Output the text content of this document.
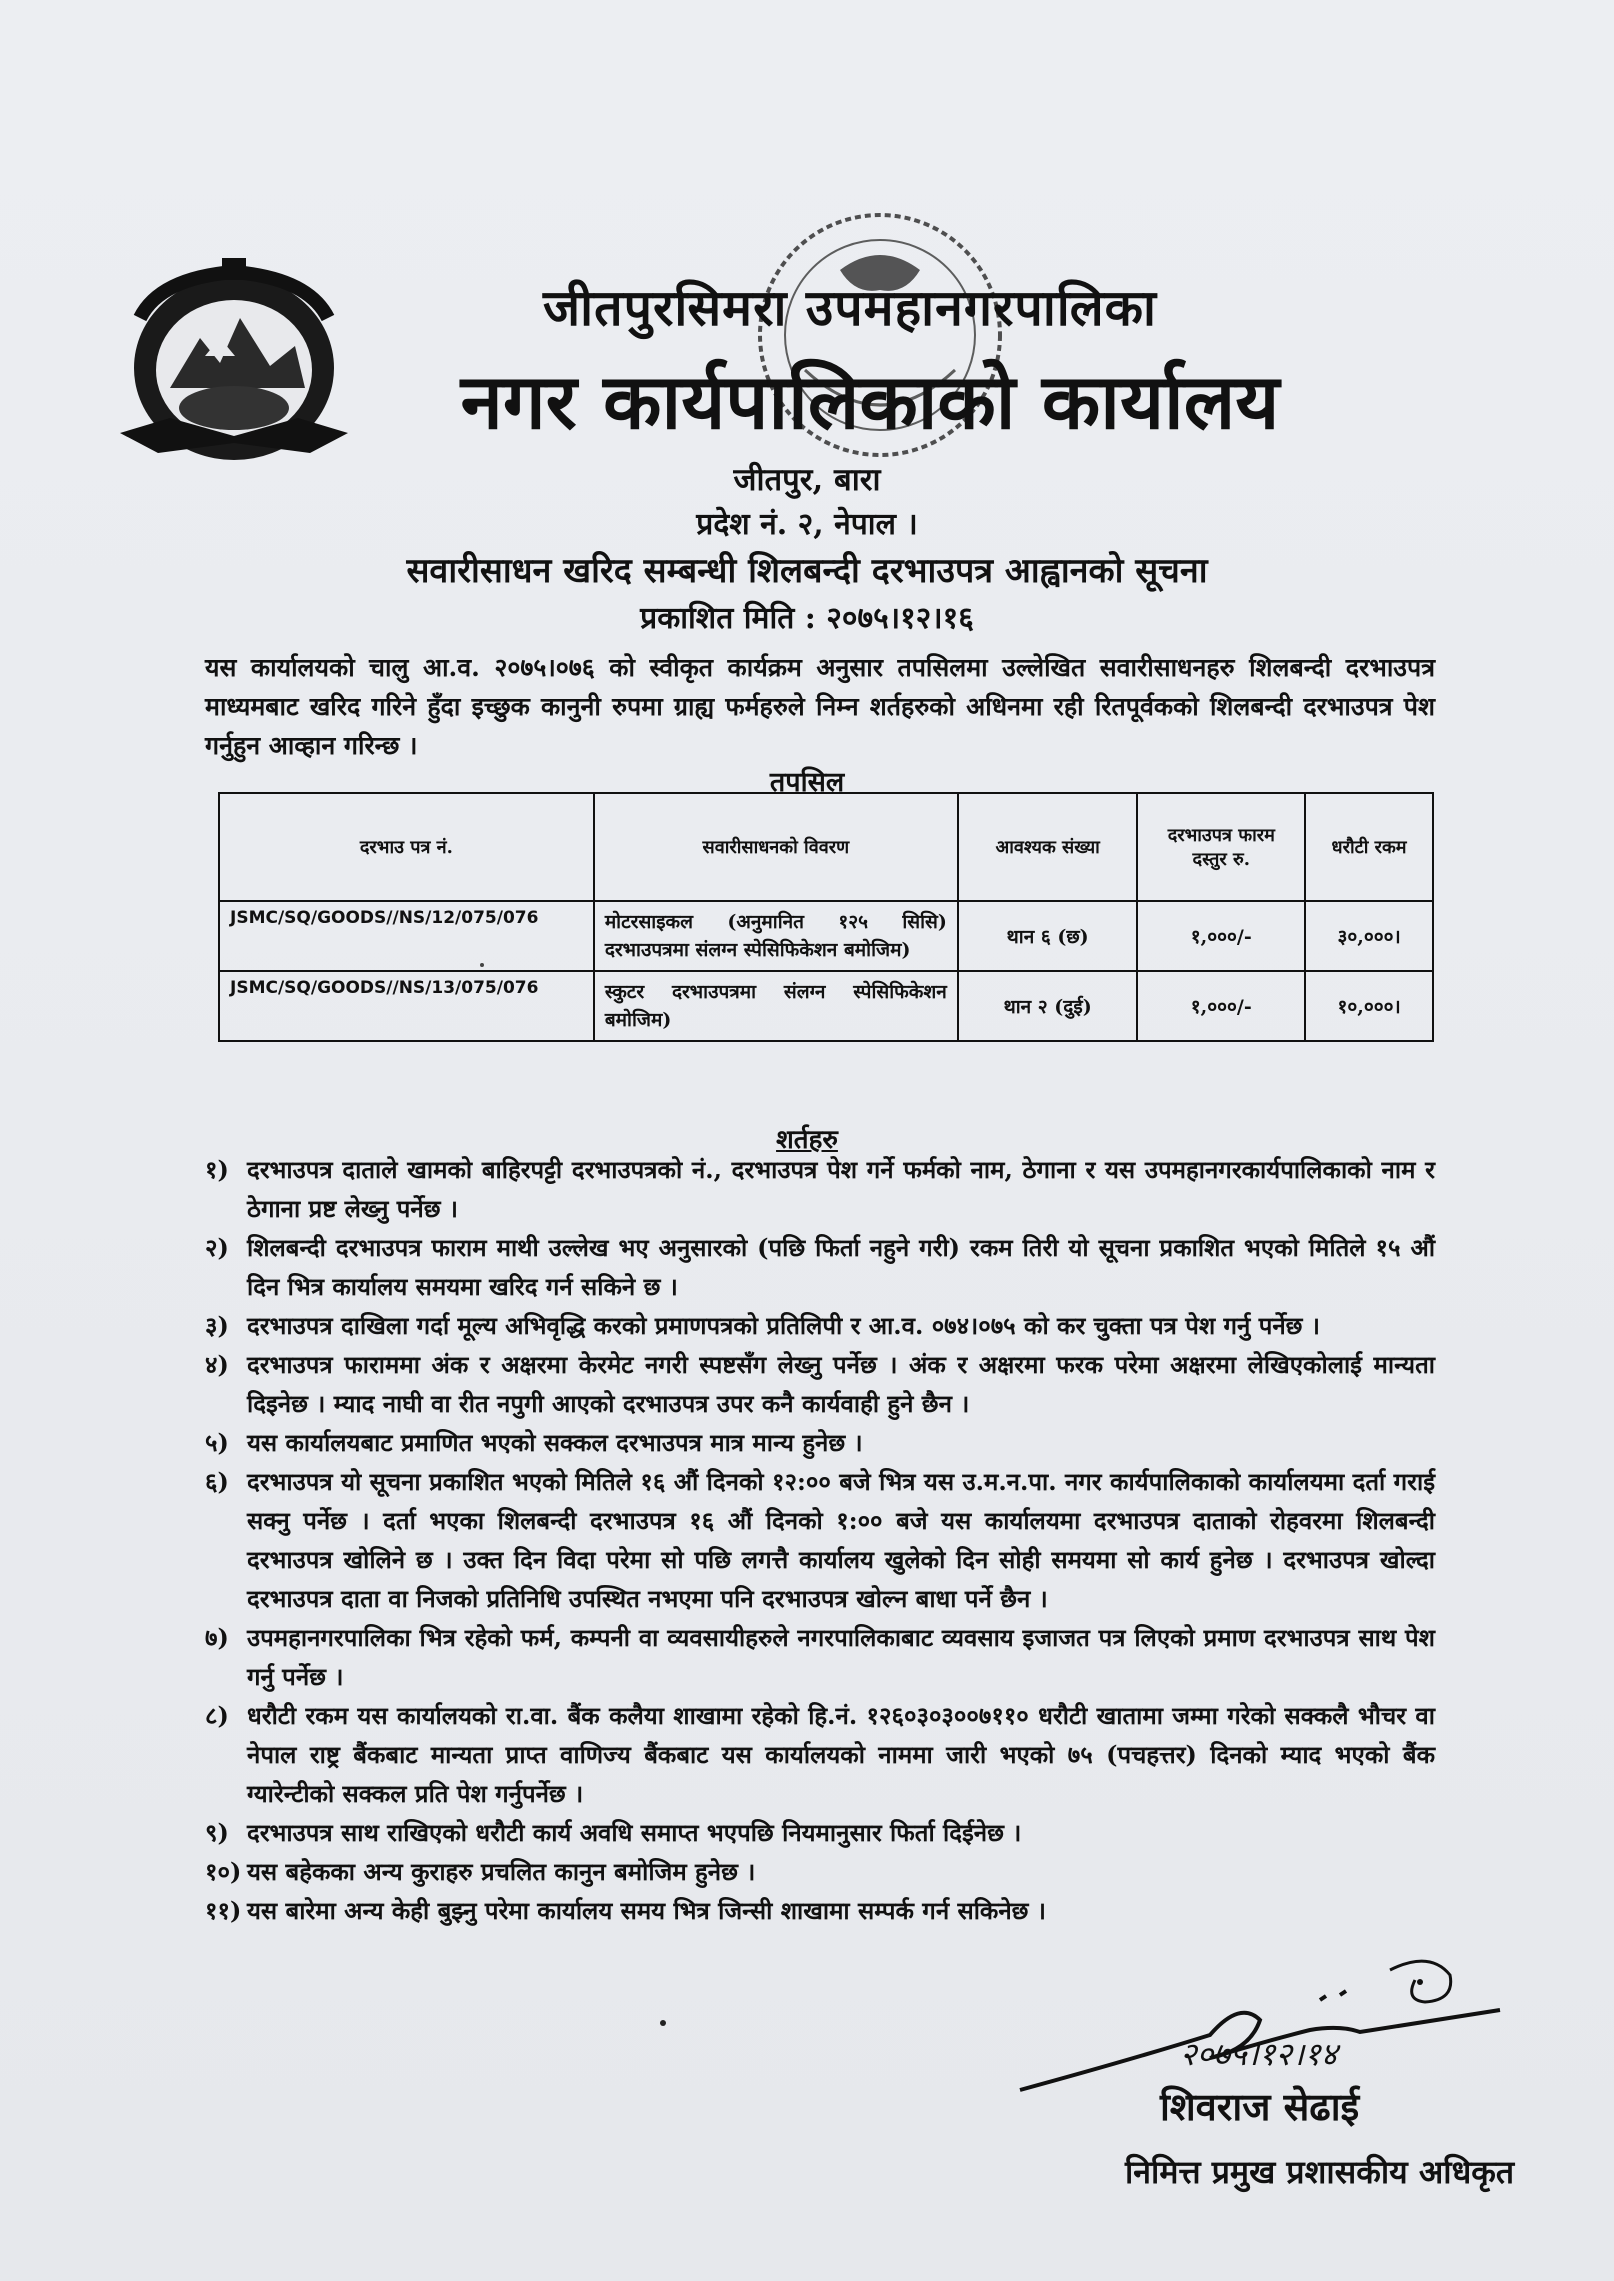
जीतपुरसिमरा उपमहानगरपालिका
नगर कार्यपालिकाको कार्यालय
जीतपुर, बारा
प्रदेश नं. २, नेपाल ।
सवारीसाधन खरिद सम्बन्धी शिलबन्दी दरभाउपत्र आह्वानको सूचना
प्रकाशित मिति : २०७५।१२।१६
यस कार्यालयको चालु आ.व. २०७५।०७६ को स्वीकृत कार्यक्रम अनुसार तपसिलमा उल्लेखित सवारीसाधनहरु शिलबन्दी दरभाउपत्र माध्यमबाट खरिद गरिने हुँदा इच्छुक कानुनी रुपमा ग्राह्य फर्महरुले निम्न शर्तहरुको अधिनमा रही रितपूर्वकको शिलबन्दी दरभाउपत्र पेश गर्नुहुन आव्हान गरिन्छ ।
तपसिल
दरभाउ पत्र नं.	सवारीसाधनको विवरण	आवश्यक संख्या	दरभाउपत्र फारम दस्तुर रु.	धरौटी रकम
JSMC/SQ/GOODS//NS/12/075/076	मोटरसाइकल (अनुमानित १२५ सिसि) दरभाउपत्रमा संलग्न स्पेसिफिकेशन बमोजिम)	थान ६ (छ)	१,०००/-	३०,०००।
JSMC/SQ/GOODS//NS/13/075/076	स्कुटर दरभाउपत्रमा संलग्न स्पेसिफिकेशन बमोजिम)	थान २ (दुई)	१,०००/-	१०,०००।
शर्तहरु
१) दरभाउपत्र दाताले खामको बाहिरपट्टी दरभाउपत्रको नं., दरभाउपत्र पेश गर्ने फर्मको नाम, ठेगाना र यस उपमहानगरकार्यपालिकाको नाम र ठेगाना प्रष्ट लेख्नु पर्नेछ ।
२) शिलबन्दी दरभाउपत्र फाराम माथी उल्लेख भए अनुसारको (पछि फिर्ता नहुने गरी) रकम तिरी यो सूचना प्रकाशित भएको मितिले १५ औं दिन भित्र कार्यालय समयमा खरिद गर्न सकिने छ ।
३) दरभाउपत्र दाखिला गर्दा मूल्य अभिवृद्धि करको प्रमाणपत्रको प्रतिलिपी र आ.व. ०७४।०७५ को कर चुक्ता पत्र पेश गर्नु पर्नेछ ।
४) दरभाउपत्र फाराममा अंक र अक्षरमा केरमेट नगरी स्पष्टसँग लेख्नु पर्नेछ । अंक र अक्षरमा फरक परेमा अक्षरमा लेखिएकोलाई मान्यता दिइनेछ । म्याद नाघी वा रीत नपुगी आएको दरभाउपत्र उपर कनै कार्यवाही हुने छैन ।
५) यस कार्यालयबाट प्रमाणित भएको सक्कल दरभाउपत्र मात्र मान्य हुनेछ ।
६) दरभाउपत्र यो सूचना प्रकाशित भएको मितिले १६ औं दिनको १२:०० बजे भित्र यस उ.म.न.पा. नगर कार्यपालिकाको कार्यालयमा दर्ता गराई सक्नु पर्नेछ । दर्ता भएका शिलबन्दी दरभाउपत्र १६ औं दिनको १:०० बजे यस कार्यालयमा दरभाउपत्र दाताको रोहवरमा शिलबन्दी दरभाउपत्र खोलिने छ । उक्त दिन विदा परेमा सो पछि लगत्तै कार्यालय खुलेको दिन सोही समयमा सो कार्य हुनेछ । दरभाउपत्र खोल्दा दरभाउपत्र दाता वा निजको प्रतिनिधि उपस्थित नभएमा पनि दरभाउपत्र खोल्न बाधा पर्ने छैन ।
७) उपमहानगरपालिका भित्र रहेको फर्म, कम्पनी वा व्यवसायीहरुले नगरपालिकाबाट व्यवसाय इजाजत पत्र लिएको प्रमाण दरभाउपत्र साथ पेश गर्नु पर्नेछ ।
८) धरौटी रकम यस कार्यालयको रा.वा. बैंक कलैया शाखामा रहेको हि.नं. १२६०३०३००७११० धरौटी खातामा जम्मा गरेको सक्कलै भौचर वा नेपाल राष्ट्र बैंकबाट मान्यता प्राप्त वाणिज्य बैंकबाट यस कार्यालयको नाममा जारी भएको ७५ (पचहत्तर) दिनको म्याद भएको बैंक ग्यारेन्टीको सक्कल प्रति पेश गर्नुपर्नेछ ।
९) दरभाउपत्र साथ राखिएको धरौटी कार्य अवधि समाप्त भएपछि नियमानुसार फिर्ता दिईनेछ ।
१०) यस बहेकका अन्य कुराहरु प्रचलित कानुन बमोजिम हुनेछ ।
११) यस बारेमा अन्य केही बुझ्नु परेमा कार्यालय समय भित्र जिन्सी शाखामा सम्पर्क गर्न सकिनेछ ।
२०७५।१२।१४
शिवराज सेढाई
निमित्त प्रमुख प्रशासकीय अधिकृत
